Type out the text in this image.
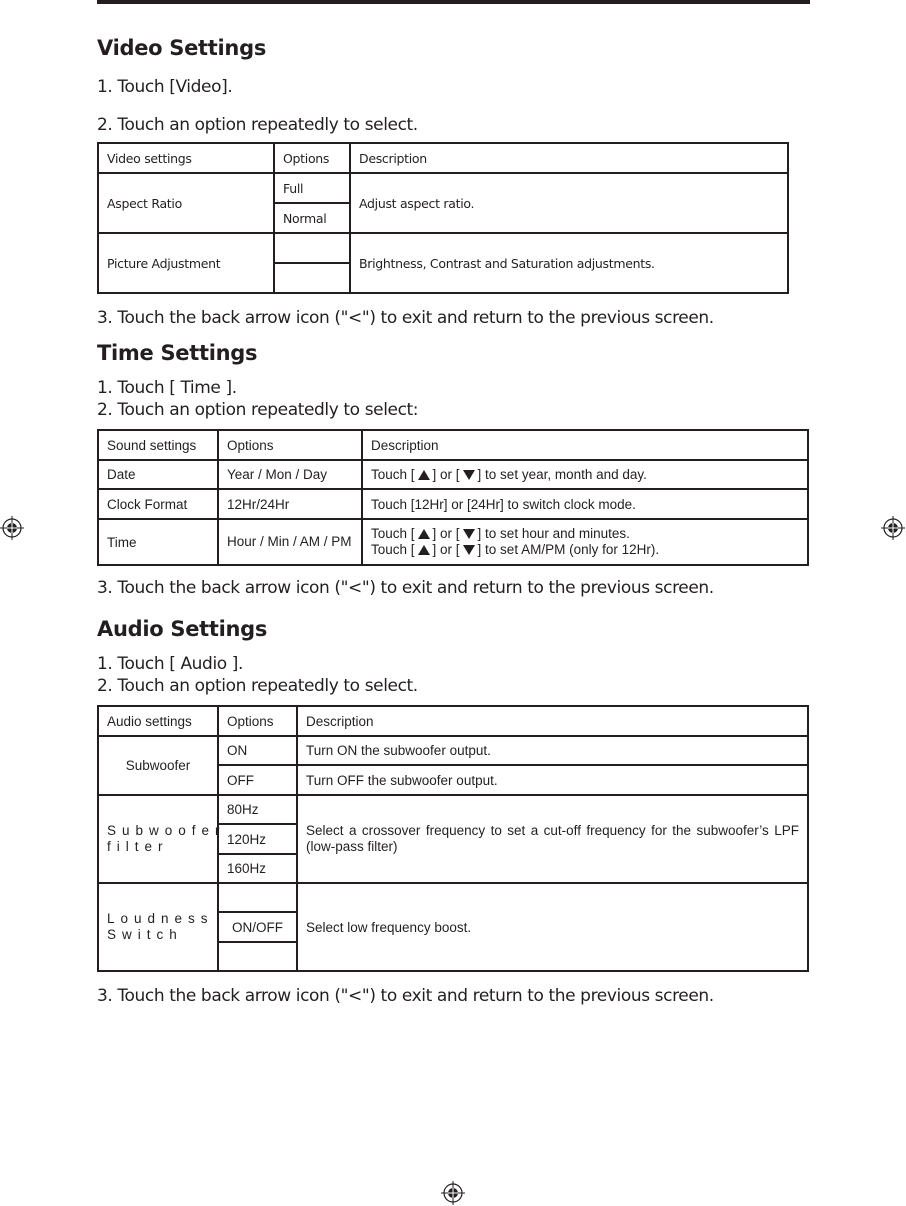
Video Settings
1. Touch [Video].
2. Touch an option repeatedly to select.
Video settings	Options	Description
Aspect Ratio	Full	Adjust aspect ratio.
	Normal	
Picture Adjustment		Brightness, Contrast and Saturation adjustments.

3. Touch the back arrow icon ("<") to exit and return to the previous screen.
Time Settings
1. Touch [ Time ].
2. Touch an option repeatedly to select:
Sound settings	Options	Description
Date	Year / Mon / Day	Touch [ ] or [ ] to set year, month and day.
Clock Format	12Hr/24Hr	Touch [12Hr] or [24Hr] to switch clock mode.
Time	Hour / Min / AM / PM	Touch [ ] or [ ] to set hour and minutes.
Touch [ ] or [ ] to set AM/PM (only for 12Hr).
3. Touch the back arrow icon ("<") to exit and return to the previous screen.
Audio Settings
1. Touch [ Audio ].
2. Touch an option repeatedly to select.
Audio settings	Options	Description
Subwoofer	ON	Turn ON the subwoofer output.
	OFF	Turn OFF the subwoofer output.
Subwoofer filter	80Hz	Select a crossover frequency to set a cut-off frequency for the subwoofer’s LPF (low-pass filter)
	120Hz	
	160Hz	
Loudness Switch		Select low frequency boost.
	ON/OFF	

3. Touch the back arrow icon ("<") to exit and return to the previous screen.
